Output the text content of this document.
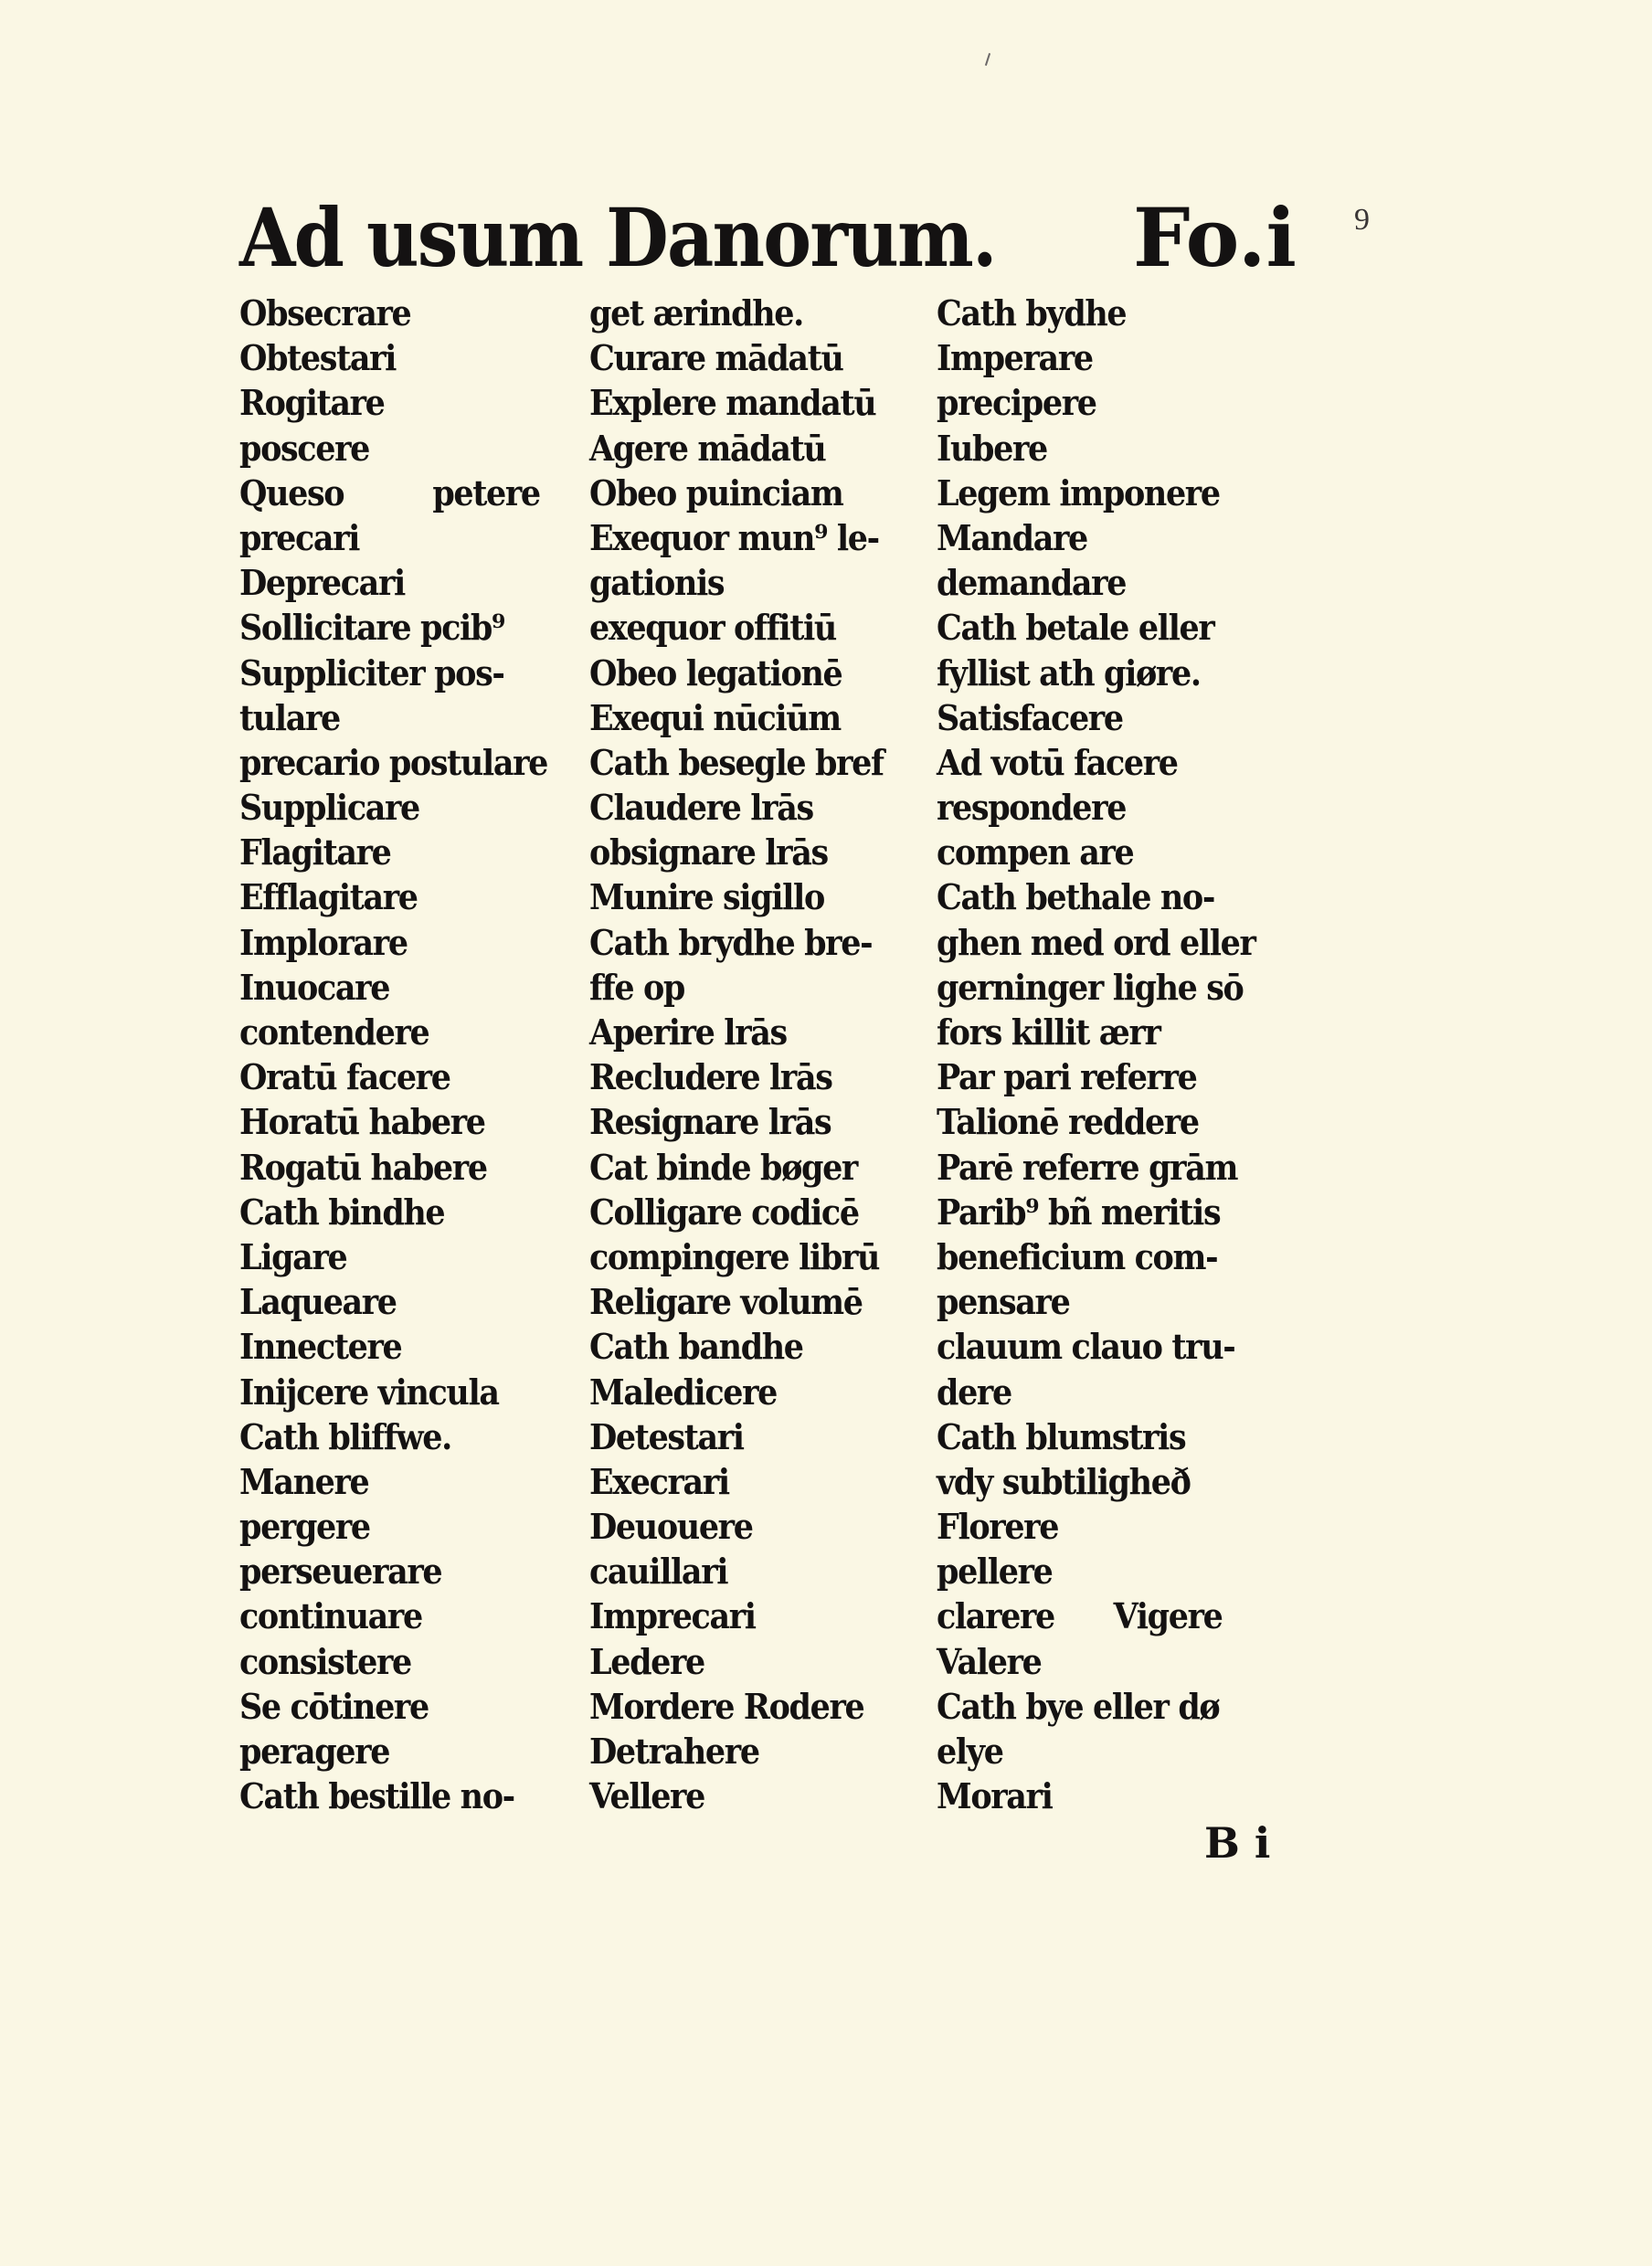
9
Ad usum Danorum. Fo.i
Obsecrare
Obtestari
Rogitare
poscere
Queso         petere
precari
Deprecari
Sollicitare pcib⁹
Suppliciter pos-
tulare
precario postulare
Supplicare
Flagitare
Efflagitare
Implorare
Inuocare
contendere
Oratū facere
Horatū habere
Rogatū habere
Cath bindhe
Ligare
Laqueare
Innectere
Inijcere vincula
Cath bliffwe.
Manere
pergere
perseuerare
continuare
consistere
Se cōtinere
peragere
Cath bestille no-
get ærindhe.
Curare mādatū
Explere mandatū
Agere mādatū
Obeo puinciam
Exequor mun⁹ le-
gationis
exequor offitiū
Obeo legationē
Exequi nūciūm
Cath besegle bref
Claudere lrās
obsignare lrās
Munire sigillo
Cath brydhe bre-
ffe op
Aperire lrās
Recludere lrās
Resignare lrās
Cat binde bøger
Colligare codicē
compingere librū
Religare volumē
Cath bandhe
Maledicere
Detestari
Execrari
Deuouere
cauillari
Imprecari
Ledere
Mordere Rodere
Detrahere
Vellere
Cath bydhe
Imperare
precipere
Iubere
Legem imponere
Mandare
demandare
Cath betale eller
fyllist ath giøre.
Satisfacere
Ad votū facere
respondere
compen are
Cath bethale no-
ghen med ord eller
gerninger lighe sō
fors killit ærr
Par pari referre
Talionē reddere
Parē referre grām
Parib⁹ bñ meritis
beneficium com-
pensare
clauum clauo tru-
dere
Cath blumstris
vdy subtiligheð
Florere
pellere
clarere      Vigere
Valere
Cath bye eller dø
elye
Morari
B i
